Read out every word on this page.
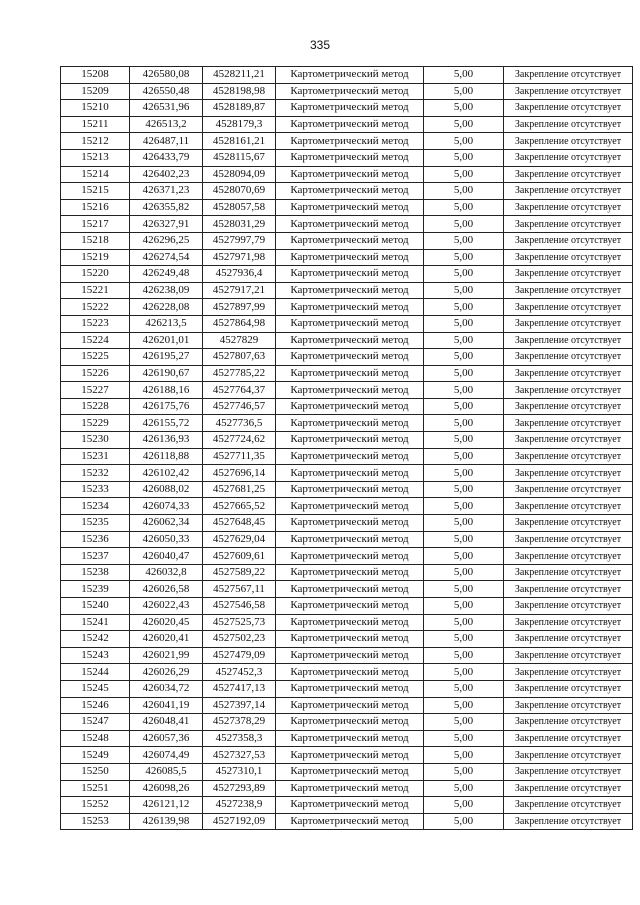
335
15208	426580,08	4528211,21	Картометрический метод	5,00	Закрепление отсутствует
15209	426550,48	4528198,98	Картометрический метод	5,00	Закрепление отсутствует
15210	426531,96	4528189,87	Картометрический метод	5,00	Закрепление отсутствует
15211	426513,2	4528179,3	Картометрический метод	5,00	Закрепление отсутствует
15212	426487,11	4528161,21	Картометрический метод	5,00	Закрепление отсутствует
15213	426433,79	4528115,67	Картометрический метод	5,00	Закрепление отсутствует
15214	426402,23	4528094,09	Картометрический метод	5,00	Закрепление отсутствует
15215	426371,23	4528070,69	Картометрический метод	5,00	Закрепление отсутствует
15216	426355,82	4528057,58	Картометрический метод	5,00	Закрепление отсутствует
15217	426327,91	4528031,29	Картометрический метод	5,00	Закрепление отсутствует
15218	426296,25	4527997,79	Картометрический метод	5,00	Закрепление отсутствует
15219	426274,54	4527971,98	Картометрический метод	5,00	Закрепление отсутствует
15220	426249,48	4527936,4	Картометрический метод	5,00	Закрепление отсутствует
15221	426238,09	4527917,21	Картометрический метод	5,00	Закрепление отсутствует
15222	426228,08	4527897,99	Картометрический метод	5,00	Закрепление отсутствует
15223	426213,5	4527864,98	Картометрический метод	5,00	Закрепление отсутствует
15224	426201,01	4527829	Картометрический метод	5,00	Закрепление отсутствует
15225	426195,27	4527807,63	Картометрический метод	5,00	Закрепление отсутствует
15226	426190,67	4527785,22	Картометрический метод	5,00	Закрепление отсутствует
15227	426188,16	4527764,37	Картометрический метод	5,00	Закрепление отсутствует
15228	426175,76	4527746,57	Картометрический метод	5,00	Закрепление отсутствует
15229	426155,72	4527736,5	Картометрический метод	5,00	Закрепление отсутствует
15230	426136,93	4527724,62	Картометрический метод	5,00	Закрепление отсутствует
15231	426118,88	4527711,35	Картометрический метод	5,00	Закрепление отсутствует
15232	426102,42	4527696,14	Картометрический метод	5,00	Закрепление отсутствует
15233	426088,02	4527681,25	Картометрический метод	5,00	Закрепление отсутствует
15234	426074,33	4527665,52	Картометрический метод	5,00	Закрепление отсутствует
15235	426062,34	4527648,45	Картометрический метод	5,00	Закрепление отсутствует
15236	426050,33	4527629,04	Картометрический метод	5,00	Закрепление отсутствует
15237	426040,47	4527609,61	Картометрический метод	5,00	Закрепление отсутствует
15238	426032,8	4527589,22	Картометрический метод	5,00	Закрепление отсутствует
15239	426026,58	4527567,11	Картометрический метод	5,00	Закрепление отсутствует
15240	426022,43	4527546,58	Картометрический метод	5,00	Закрепление отсутствует
15241	426020,45	4527525,73	Картометрический метод	5,00	Закрепление отсутствует
15242	426020,41	4527502,23	Картометрический метод	5,00	Закрепление отсутствует
15243	426021,99	4527479,09	Картометрический метод	5,00	Закрепление отсутствует
15244	426026,29	4527452,3	Картометрический метод	5,00	Закрепление отсутствует
15245	426034,72	4527417,13	Картометрический метод	5,00	Закрепление отсутствует
15246	426041,19	4527397,14	Картометрический метод	5,00	Закрепление отсутствует
15247	426048,41	4527378,29	Картометрический метод	5,00	Закрепление отсутствует
15248	426057,36	4527358,3	Картометрический метод	5,00	Закрепление отсутствует
15249	426074,49	4527327,53	Картометрический метод	5,00	Закрепление отсутствует
15250	426085,5	4527310,1	Картометрический метод	5,00	Закрепление отсутствует
15251	426098,26	4527293,89	Картометрический метод	5,00	Закрепление отсутствует
15252	426121,12	4527238,9	Картометрический метод	5,00	Закрепление отсутствует
15253	426139,98	4527192,09	Картометрический метод	5,00	Закрепление отсутствует
